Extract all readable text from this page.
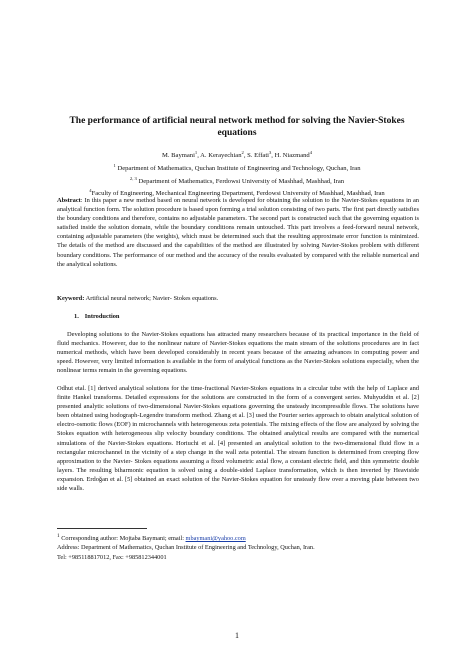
The performance of artificial neural network method for solving the Navier-Stokes
equations
M. Baymani$^1$, A. Kerayechian$^2$, S. Effati$^3$, H. Niazmand$^4$
$^1$ Department of Mathematics, Quchan Institute of Engineering and Technology, Quchan, Iran
$^{2, 3}$ Department of Mathematics, Ferdowsi University of Mashhad, Mashhad, Iran
$^4$Faculty of Engineering, Mechanical Engineering Department, Ferdowsi University of Mashhad, Mashhad, Iran
Abstract: In this paper a new method based on neural network is developed for obtaining the solution to the Navier-Stokes equations in an analytical function form. The solution procedure is based upon forming a trial solution consisting of two parts. The first part directly satisfies the boundary conditions and therefore, contains no adjustable parameters. The second part is constructed such that the governing equation is satisfied inside the solution domain, while the boundary conditions remain untouched. This part involves a feed-forward neural network, containing adjustable parameters (the weights), which must be determined such that the resulting approximate error function is minimized. The details of the method are discussed and the capabilities of the method are illustrated by solving Navier-Stokes problem with different boundary conditions. The performance of our method and the accuracy of the results evaluated by compared with the reliable numerical and the analytical solutions.
Keyword: Artificial neural network; Navier- Stokes equations.
1. Introduction
Developing solutions to the Navier-Stokes equations has attracted many researchers because of its practical importance in the field of fluid mechanics. However, due to the nonlinear nature of Navier-Stokes equations the main stream of the solutions procedures are in fact numerical methods, which have been developed considerably in recent years because of the amazing advances in computing power and speed. However, very limited information is available in the form of analytical functions as the Navier-Stokes solutions especially, when the nonlinear terms remain in the governing equations.
Odhut etal. [1] derived analytical solutions for the time-fractional Navier-Stokes equations in a circular tube with the help of Laplace and finite Hankel transforms. Detailed expressions for the solutions are constructed in the form of a convergent series. Muhyuddin et al. [2] presented analytic solutions of two-dimensional Navier-Stokes equations governing the unsteady incompressible flows. The solutions have been obtained using hodograph-Legendre transform method. Zhang et al. [3] used the Fourier series approach to obtain analytical solution of electro-osmotic flows (EOF) in microchannels with heterogeneous zeta potentials. The mixing effects of the flow are analyzed by solving the Stokes equation with heterogeneous slip velocity boundary conditions. The obtained analytical results are compared with the numerical simulations of the Navier-Stokes equations. Horiuchi et al. [4] presented an analytical solution to the two-dimensional fluid flow in a rectangular microchannel in the vicinity of a step change in the wall zeta potential. The stream function is determined from creeping flow approximation to the Navier- Stokes equations assuming a fixed volumetric axial flow, a constant electric field, and thin symmetric double layers. The resulting biharmonic equation is solved using a double-sided Laplace transformation, which is then inverted by Heaviside expansion. Erdoğan et al. [5] obtained an exact solution of the Navier-Stokes equation for unsteady flow over a moving plate between two side walls.
$^1$ Corresponding author: Mojtaba Baymani; email: mbaymani@yahoo.com
Address: Department of Mathematics, Quchan Institute of Engineering and Technology, Quchan, Iran.
Tel: +985118817012, Fax: +985812344001
1
